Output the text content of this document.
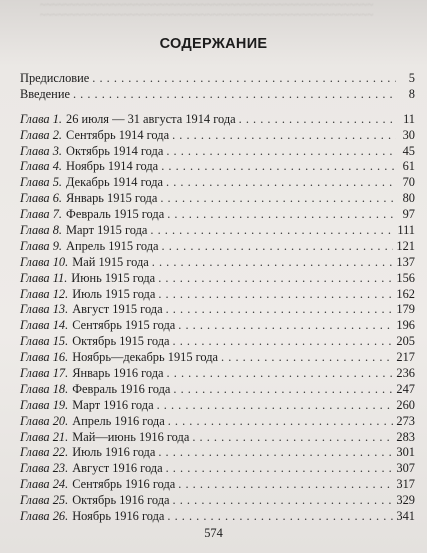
~~~~~~~~~~~~~~~~~~~~~~~~~~~~~~~~~~~~~~~~~~~~~~~~~~~~~~~~
~~~~~~~~~~~~~~~~~~~~~~~~~~~~~~~~~~~~~~~~~~~~~~~~~~~~~~~~
СОДЕРЖАНИЕ
Предисловие . . .	5
Введение . . .	8
Глава 1. 26 июля — 31 августа 1914 года . . .	11
Глава 2. Сентябрь 1914 года . . .	30
Глава 3. Октябрь 1914 года . . .	45
Глава 4. Ноябрь 1914 года . . .	61
Глава 5. Декабрь 1914 года . . .	70
Глава 6. Январь 1915 года . . .	80
Глава 7. Февраль 1915 года . . .	97
Глава 8. Март 1915 года . . .	111
Глава 9. Апрель 1915 года . . .	121
Глава 10. Май 1915 года . . .	137
Глава 11. Июнь 1915 года . . .	156
Глава 12. Июль 1915 года . . .	162
Глава 13. Август 1915 года . . .	179
Глава 14. Сентябрь 1915 года . . .	196
Глава 15. Октябрь 1915 года . . .	205
Глава 16. Ноябрь—декабрь 1915 года . . .	217
Глава 17. Январь 1916 года . . .	236
Глава 18. Февраль 1916 года . . .	247
Глава 19. Март 1916 года . . .	260
Глава 20. Апрель 1916 года . . .	273
Глава 21. Май—июнь 1916 года . . .	283
Глава 22. Июль 1916 года . . .	301
Глава 23. Август 1916 года . . .	307
Глава 24. Сентябрь 1916 года . . .	317
Глава 25. Октябрь 1916 года . . .	329
Глава 26. Ноябрь 1916 года . . .	341
574
